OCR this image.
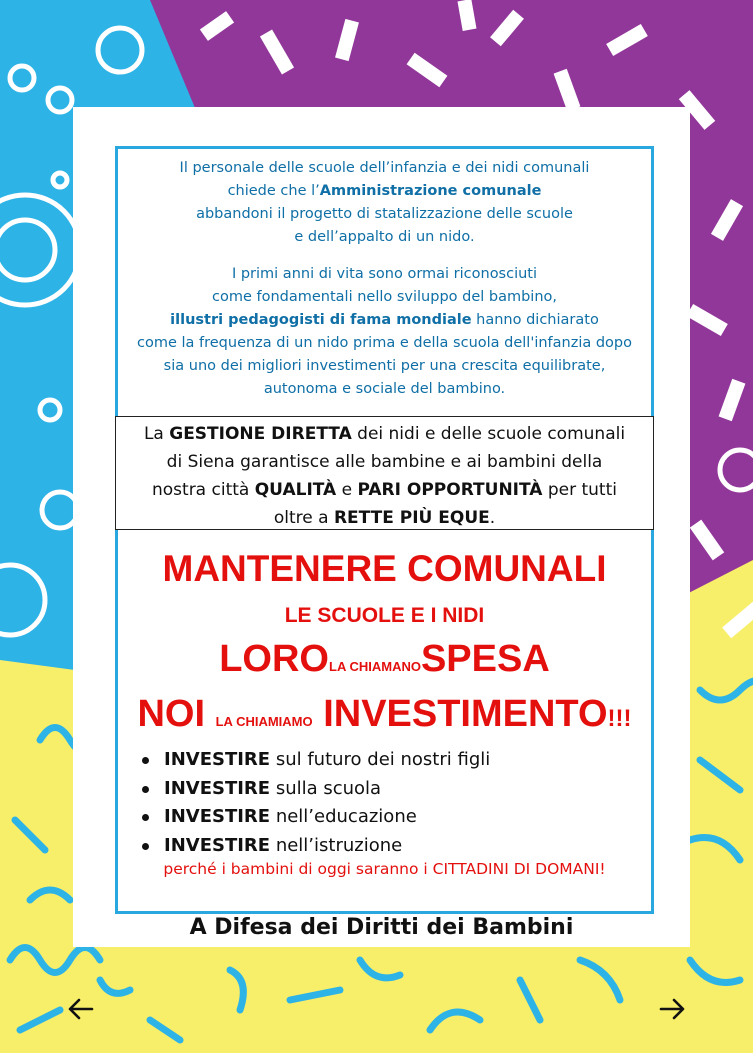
Il personale delle scuole dell’infanzia e dei nidi comunali
chiede che l’Amministrazione comunale
abbandoni il progetto di statalizzazione delle scuole
e dell’appalto di un nido.

I primi anni di vita sono ormai riconosciuti
come fondamentali nello sviluppo del bambino,
illustri pedagogisti di fama mondiale hanno dichiarato
come la frequenza di un nido prima e della scuola dell'infanzia dopo
sia uno dei migliori investimenti per una crescita equilibrate,
autonoma e sociale del bambino.

La GESTIONE DIRETTA dei nidi e delle scuole comunali
di Siena garantisce alle bambine e ai bambini della
nostra città QUALITÀ e PARI OPPORTUNITÀ per tutti
oltre a RETTE PIÙ EQUE.

MANTENERE COMUNALI

LE SCUOLE E I NIDI

LOROLA CHIAMANOSPESA

NOI LA CHIAMIAMO INVESTIMENTO!!!

INVESTIRE sul futuro dei nostri figli
INVESTIRE sulla scuola
INVESTIRE nell’educazione
INVESTIRE nell’istruzione

perché i bambini di oggi saranno i CITTADINI DI DOMANI!

A Difesa dei Diritti dei Bambini
